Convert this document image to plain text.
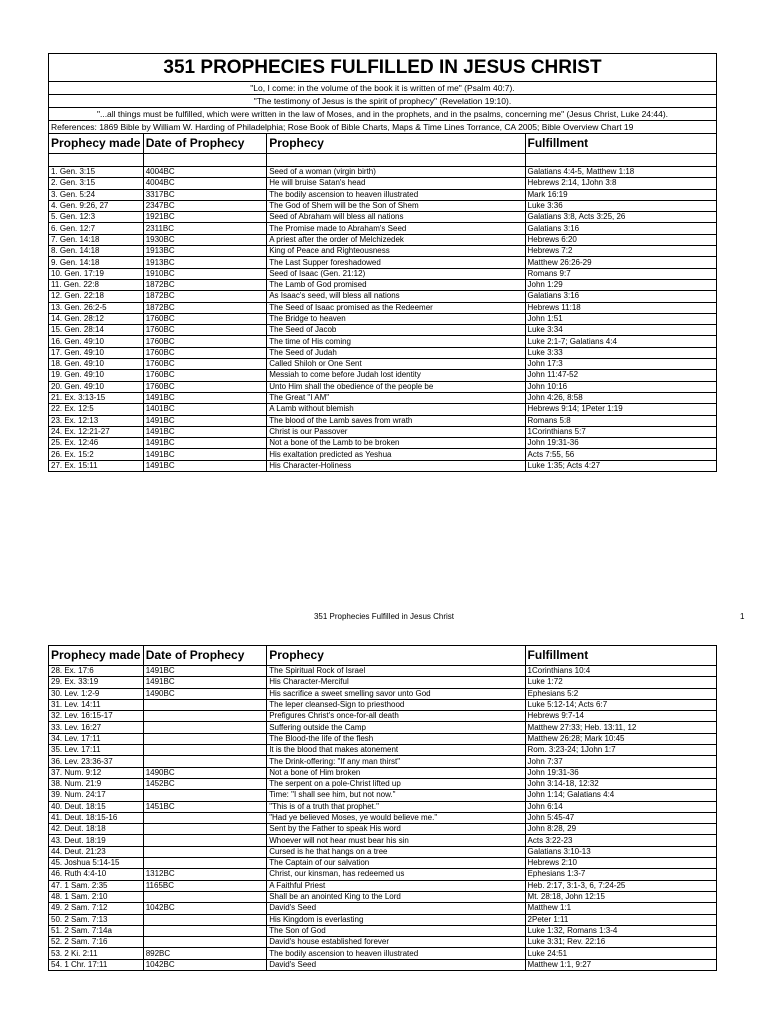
351 PROPHECIES FULFILLED IN JESUS CHRIST			
"Lo, I come: in the volume of the book it is written of me" (Psalm 40:7).			
"The testimony of Jesus is the spirit of prophecy" (Revelation 19:10).			
"...all things must be fulfilled, which were written in the law of Moses, and in the prophets, and in the psalms, concerning me" (Jesus Christ, Luke 24:44).			
References: 1869 Bible by William W. Harding of Philadelphia; Rose Book of Bible Charts, Maps & Time Lines Torrance, CA 2005; Bible Overview Chart 19			
Prophecy made	Date of Prophecy	Prophecy	Fulfillment

1. Gen. 3:15	4004BC	Seed of a woman (virgin birth)	Galatians 4:4-5, Matthew 1:18
2. Gen. 3:15	4004BC	He will bruise Satan's head	Hebrews 2:14, 1John 3:8
3. Gen. 5:24	3317BC	The bodily ascension to heaven illustrated	Mark 16:19
4. Gen. 9:26, 27	2347BC	The God of Shem will be the Son of Shem	Luke 3:36
5. Gen. 12:3	1921BC	Seed of Abraham will bless all nations	Galatians 3:8, Acts 3:25, 26
6. Gen. 12:7	2311BC	The Promise made to Abraham's Seed	Galatians 3:16
7. Gen. 14:18	1930BC	A priest after the order of Melchizedek	Hebrews 6:20
8. Gen. 14:18	1913BC	King of Peace and Righteousness	Hebrews 7:2
9. Gen. 14:18	1913BC	The Last Supper foreshadowed	Matthew 26:26-29
10. Gen. 17:19	1910BC	Seed of Isaac (Gen. 21:12)	Romans 9:7
11. Gen. 22:8	1872BC	The Lamb of God promised	John 1:29
12. Gen. 22:18	1872BC	As Isaac's seed, will bless all nations	Galatians 3:16
13. Gen. 26:2-5	1872BC	The Seed of Isaac promised as the Redeemer	Hebrews 11:18
14. Gen. 28:12	1760BC	The Bridge to heaven	John 1:51
15. Gen. 28:14	1760BC	The Seed of Jacob	Luke 3:34
16. Gen. 49:10	1760BC	The time of His coming	Luke 2:1-7; Galatians 4:4
17. Gen. 49:10	1760BC	The Seed of Judah	Luke 3:33
18. Gen. 49:10	1760BC	Called Shiloh or One Sent	John 17:3
19. Gen. 49:10	1760BC	Messiah to come before Judah lost identity	John 11:47-52
20. Gen. 49:10	1760BC	Unto Him shall the obedience of the people be	John 10:16
21. Ex. 3:13-15	1491BC	The Great "I AM"	John 4:26, 8:58
22. Ex. 12:5	1401BC	A Lamb without blemish	Hebrews 9:14; 1Peter 1:19
23. Ex. 12:13	1491BC	The blood of the Lamb saves from wrath	Romans 5:8
24. Ex. 12:21-27	1491BC	Christ is our Passover	1Corinthians 5:7
25. Ex. 12:46	1491BC	Not a bone of the Lamb to be broken	John 19:31-36
26. Ex. 15:2	1491BC	His exaltation predicted as Yeshua	Acts 7:55, 56
27. Ex. 15:11	1491BC	His Character-Holiness	Luke 1:35; Acts 4:27
351 Prophecies Fulfilled in Jesus Christ	1
Prophecy made	Date of Prophecy	Prophecy	Fulfillment
28. Ex. 17:6	1491BC	The Spiritual Rock of Israel	1Corinthians 10:4
29. Ex. 33:19	1491BC	His Character-Merciful	Luke 1:72
30. Lev. 1:2-9	1490BC	His sacrifice a sweet smelling savor unto God	Ephesians 5:2
31. Lev. 14:11		The leper cleansed-Sign to priesthood	Luke 5:12-14; Acts 6:7
32. Lev. 16:15-17		Prefigures Christ's once-for-all death	Hebrews 9:7-14
33. Lev. 16:27		Suffering outside the Camp	Matthew 27:33; Heb. 13:11, 12
34. Lev. 17:11		The Blood-the life of the flesh	Matthew 26:28; Mark 10:45
35. Lev. 17:11		It is the blood that makes atonement	Rom. 3:23-24; 1John 1:7
36. Lev. 23:36-37		The Drink-offering: "If any man thirst"	John 7:37
37. Num. 9:12	1490BC	Not a bone of Him broken	John 19:31-36
38. Num. 21:9	1452BC	The serpent on a pole-Christ lifted up	John 3:14-18, 12:32
39. Num. 24:17		Time: "I shall see him, but not now."	John 1:14; Galatians 4:4
40. Deut. 18:15	1451BC	"This is of a truth that prophet."	John 6:14
41. Deut. 18:15-16		"Had ye believed Moses, ye would believe me."	John 5:45-47
42. Deut. 18:18		Sent by the Father to speak His word	John 8:28, 29
43. Deut. 18:19		Whoever will not hear must bear his sin	Acts 3:22-23
44. Deut. 21:23		Cursed is he that hangs on a tree	Galatians 3:10-13
45. Joshua 5:14-15		The Captain of our salvation	Hebrews 2:10
46. Ruth 4:4-10	1312BC	Christ, our kinsman, has redeemed us	Ephesians 1:3-7
47. 1 Sam. 2:35	1165BC	A Faithful Priest	Heb. 2:17, 3:1-3, 6, 7:24-25
48. 1 Sam. 2:10		Shall be an anointed King to the Lord	Mt. 28:18, John 12:15
49. 2 Sam. 7:12	1042BC	David's Seed	Matthew 1:1
50. 2 Sam. 7:13		His Kingdom is everlasting	2Peter 1:11
51. 2 Sam. 7:14a		The Son of God	Luke 1:32, Romans 1:3-4
52. 2 Sam. 7:16		David's house established forever	Luke 3:31; Rev. 22:16
53. 2 Ki. 2:11	892BC	The bodily ascension to heaven illustrated	Luke 24:51
54. 1 Chr. 17:11	1042BC	David's Seed	Matthew 1:1, 9:27
